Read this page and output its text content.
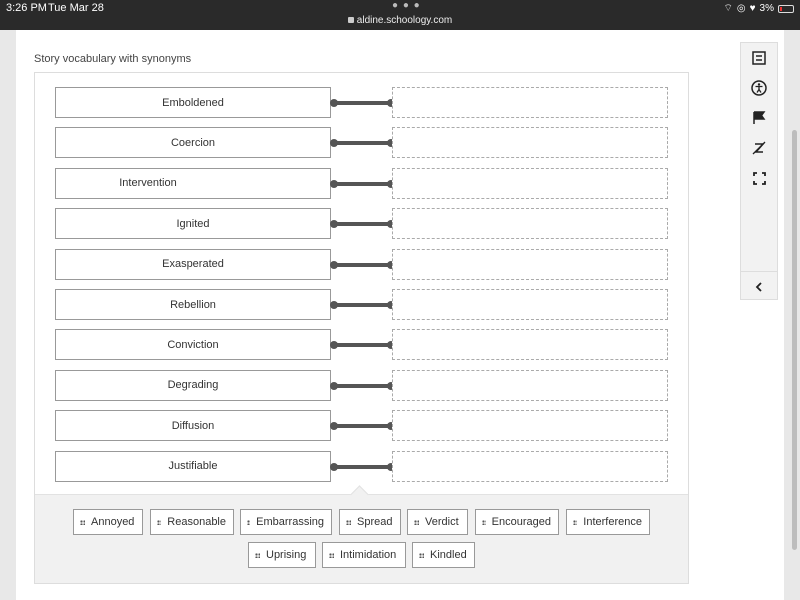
3:26 PM Tue Mar 28	● ● ●
aldine.schoology.com
⌔ ◎ ♥ 3%
Story vocabulary with synonyms
Emboldened
Coercion
Intervention
Ignited
Exasperated
Rebellion
Conviction
Degrading
Diffusion
Justifiable
Annoyed	Reasonable	Embarrassing	Spread	Verdict	Encouraged	Interference
Uprising	Intimidation	Kindled
